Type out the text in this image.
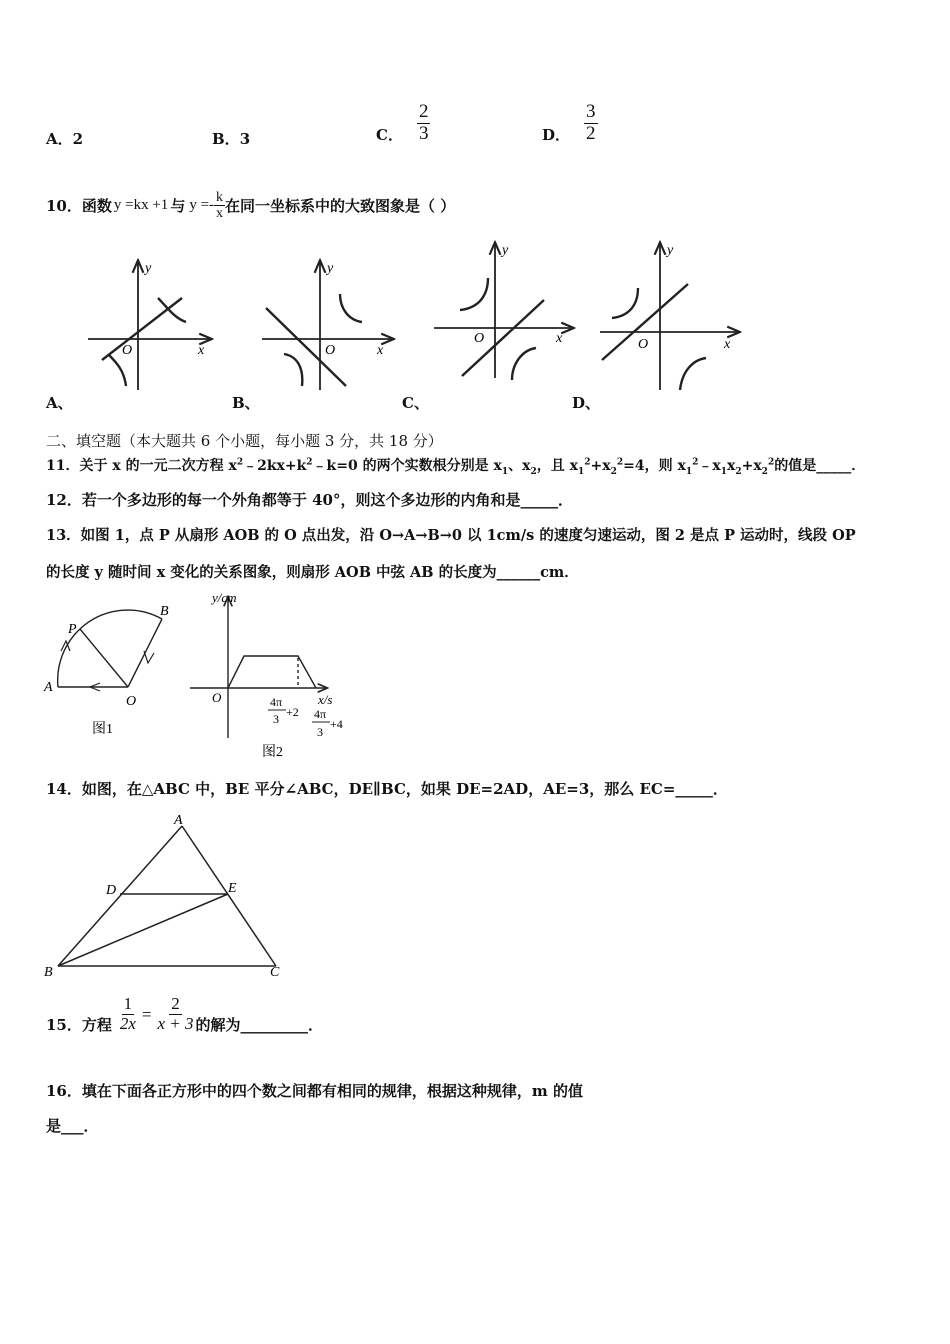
A．2	B．3	C． $\frac{2}{3}$	D． $\frac{3}{2}$
10． 函数 y =kx +1 与 $y =- \frac{k}{x}$ 在同一坐标系中的大致图象是（ ）
y
x
O
y
x
O
y
x
O
y
x
O
A、	B、	C、	D、
二、填空题（本大题共 6 个小题，每小题 3 分，共 18 分）
11．关于 x 的一元二次方程 $x^2﹣2kx+k^2﹣k=0$ 的两个实数根分别是 $x_1$、$x_2$，且 $x_1^2+x_2^2=4$，则 $x_1^2﹣x_1x_2+x_2^2$的值是_____．
12．若一个多边形的每一个外角都等于 40°，则这个多边形的内角和是_____．
13．如图 1，点 P 从扇形 AOB 的 O 点出发，沿 O→A→B→0 以 1cm/s 的速度匀速运动，图 2 是点 P 运动时，线段 OP
的长度 y 随时间 x 变化的关系图象，则扇形 AOB 中弦 AB 的长度为______cm．
A
O
P
B
图1
y/cm
x/s
O	4π
3 +2 4π
3
+4
图2
14．如图，在△ABC 中，BE 平分∠ABC，DE∥BC，如果 DE=2AD，AE=3，那么 EC=_____．
A
D	E
B	C
15．方程 $\frac{1}{2x} = \frac{2}{x + 3}$ 的解为_________．
16．填在下面各正方形中的四个数之间都有相同的规律，根据这种规律，m 的值
是___．
